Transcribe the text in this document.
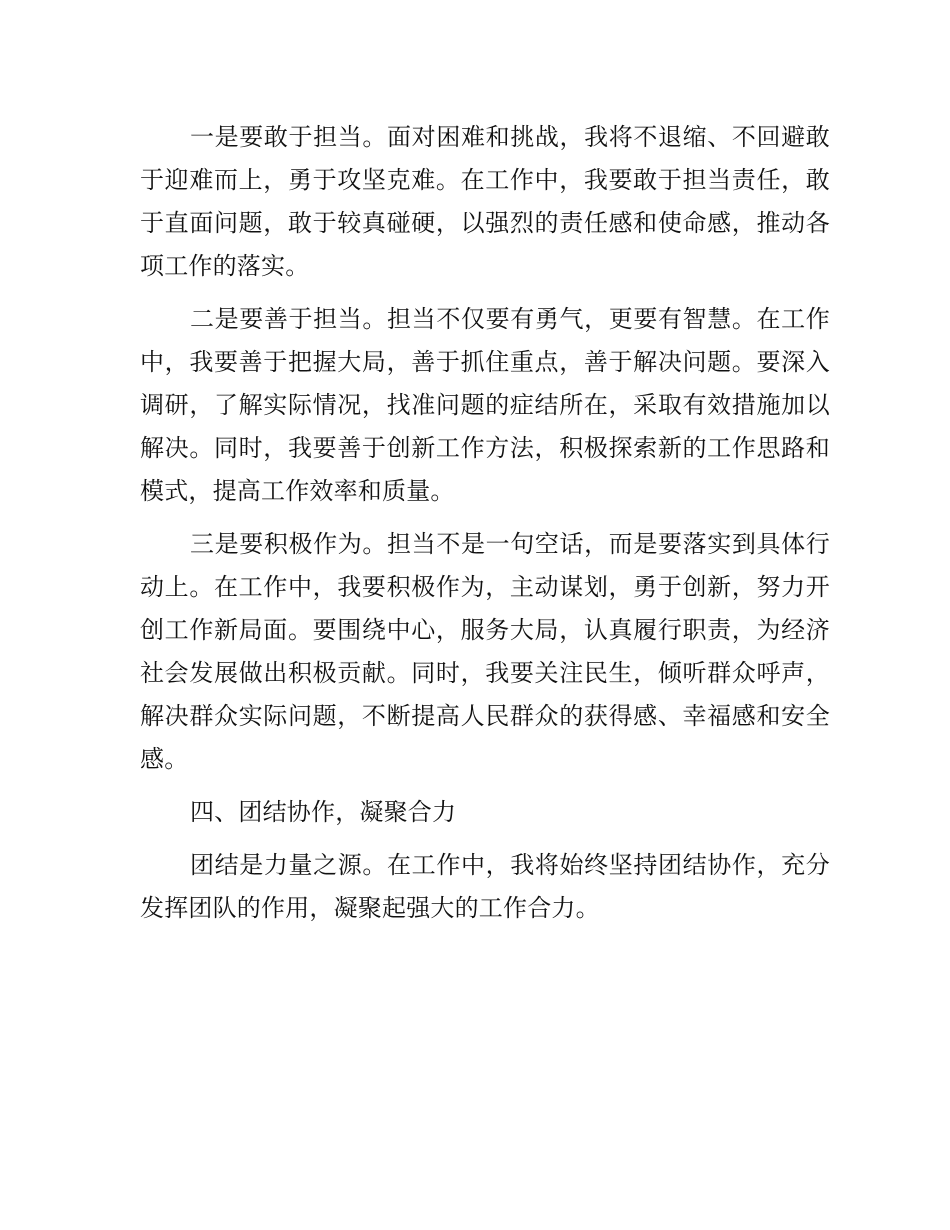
一是要敢于担当。面对困难和挑战，我将不退缩、不回避敢于迎难而上，勇于攻坚克难。在工作中，我要敢于担当责任，敢于直面问题，敢于较真碰硬，以强烈的责任感和使命感，推动各项工作的落实。

二是要善于担当。担当不仅要有勇气，更要有智慧。在工作中，我要善于把握大局，善于抓住重点，善于解决问题。要深入调研，了解实际情况，找准问题的症结所在，采取有效措施加以解决。同时，我要善于创新工作方法，积极探索新的工作思路和模式，提高工作效率和质量。

三是要积极作为。担当不是一句空话，而是要落实到具体行动上。在工作中，我要积极作为，主动谋划，勇于创新，努力开创工作新局面。要围绕中心，服务大局，认真履行职责，为经济社会发展做出积极贡献。同时，我要关注民生，倾听群众呼声，解决群众实际问题，不断提高人民群众的获得感、幸福感和安全感。

四、团结协作，凝聚合力

团结是力量之源。在工作中，我将始终坚持团结协作，充分发挥团队的作用，凝聚起强大的工作合力。
